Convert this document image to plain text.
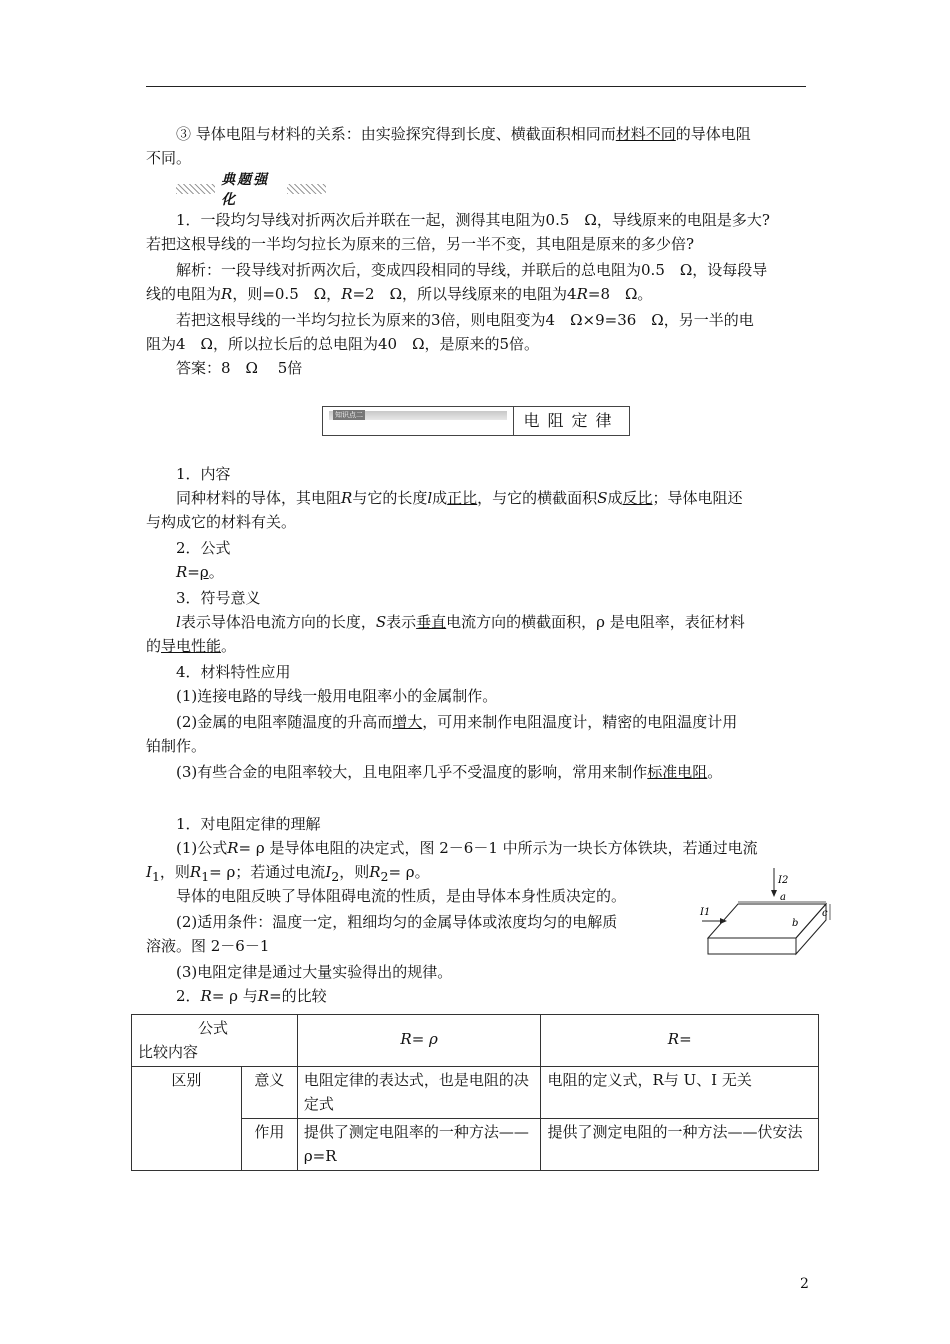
③ 导体电阻与材料的关系：由实验探究得到长度、横截面积相同而材料不同的导体电阻
不同。
典题强化
1．一段均匀导线对折两次后并联在一起，测得其电阻为0.5　Ω，导线原来的电阻是多大?
若把这根导线的一半均匀拉长为原来的三倍，另一半不变，其电阻是原来的多少倍?
解析：一段导线对折两次后，变成四段相同的导线，并联后的总电阻为0.5　Ω，设每段导
线的电阻为R，则=0.5　Ω，R=2　Ω，所以导线原来的电阻为4R=8　Ω。
若把这根导线的一半均匀拉长为原来的3倍，则电阻变为4　Ω×9=36　Ω，另一半的电
阻为4　Ω，所以拉长后的总电阻为40　Ω，是原来的5倍。
答案：8　Ω　 5倍
知识点二	电阻定律
1．内容
同种材料的导体，其电阻R与它的长度l成正比，与它的横截面积S成反比；导体电阻还
与构成它的材料有关。
2．公式
R=ρ。
3．符号意义
l表示导体沿电流方向的长度，S表示垂直电流方向的横截面积，ρ 是电阻率，表征材料
的导电性能。
4．材料特性应用
(1)连接电路的导线一般用电阻率小的金属制作。
(2)金属的电阻率随温度的升高而增大，可用来制作电阻温度计，精密的电阻温度计用
铂制作。
(3)有些合金的电阻率较大，且电阻率几乎不受温度的影响，常用来制作标准电阻。
1．对电阻定律的理解
(1)公式R= ρ 是导体电阻的决定式，图 2－6－1 中所示为一块长方体铁块，若通过电流
$I_1$，则$R_1= \rho$；若通过电流$I_2$，则$R_2= \rho$。
导体的电阻反映了导体阻碍电流的性质，是由导体本身性质决定的。
(2)适用条件：温度一定，粗细均匀的金属导体或浓度均匀的电解质
溶液。图 2－6－1
(3)电阻定律是通过大量实验得出的规律。
2．R= ρ 与R=的比较
I2
I1
a
b
c
公式
比较内容		R= ρ	R=
区别	意义	电阻定律的表达式，也是电阻的决定式	电阻的定义式，R与 U、I 无关
	作用	提供了测定电阻率的一种方法——ρ=R	提供了测定电阻的一种方法——伏安法
2
